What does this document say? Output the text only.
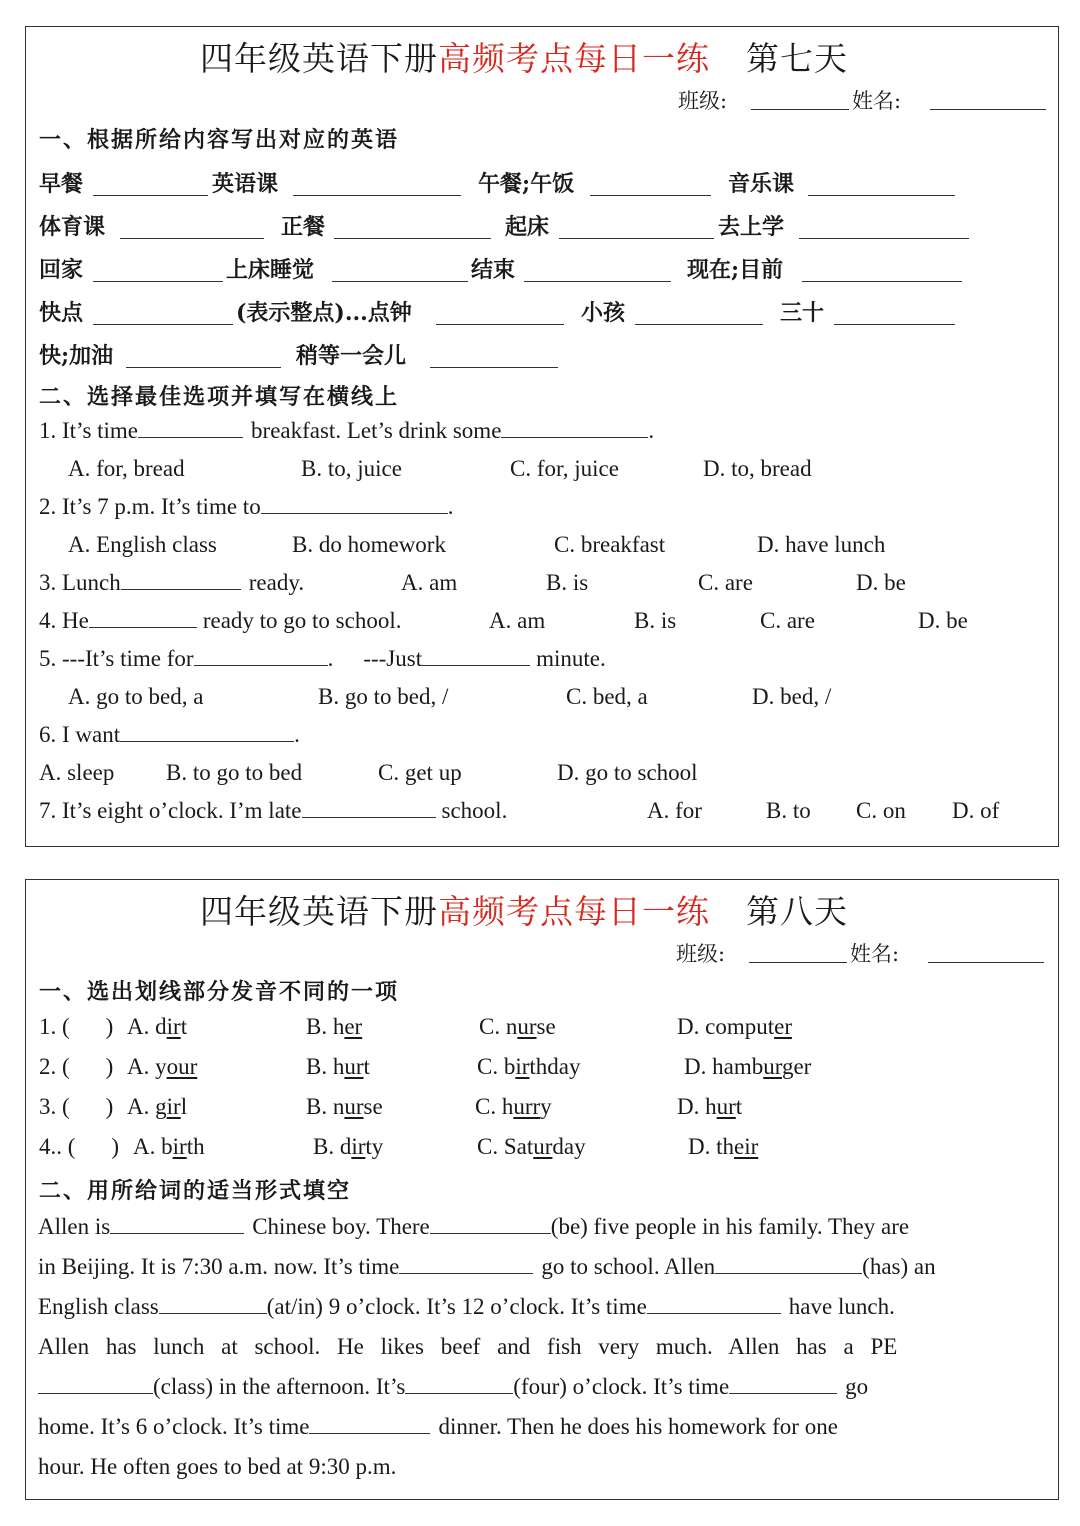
四年级英语下册高频考点每日一练 第七天
班级:	姓名:
一、根据所给内容写出对应的英语
早餐	英语课	午餐;午饭	音乐课
体育课	正餐	起床	去上学
回家	上床睡觉	结束	现在;目前
快点	(表示整点)...点钟	小孩	三十
快;加油	稍等一会儿
二、选择最佳选项并填写在横线上
1. It’s time	breakfast. Let’s drink some	.
A. for, bread	B. to, juice	C. for, juice	D. to, bread
2. It’s 7 p.m. It’s time to	.
A. English class	B. do homework	C. breakfast	D. have lunch
3. Lunch	ready.	A. am	B. is	C. are	D. be
4. He	ready to go to school.	A. am	B. is	C. are	D. be
5. ---It’s time for	. ---Just	minute.
A. go to bed, a	B. go to bed, /	C. bed, a	D. bed, /
6. I want	.
A. sleep B. to go to bed	C. get up	D. go to school
7. It’s eight o’clock. I’m late	school.	A. for	B. to C. on D. of
四年级英语下册高频考点每日一练 第八天
班级:	姓名:
一、选出划线部分发音不同的一项
1. ( ) A. dirt	B. her	C. nurse	D. computer
2. ( ) A. your	B. hurt	C. birthday	D. hamburger
3. ( ) A. girl	B. nurse	C. hurry	D. hurt
4.. ( ) A. birth	B. dirty	C. Saturday	D. their
二、用所给词的适当形式填空
Allen is	Chinese boy. There	(be) five people in his family. They are
in Beijing. It is 7:30 a.m. now. It’s time	go to school. Allen	(has) an
English class	(at/in) 9 o’clock. It’s 12 o’clock. It’s time	have lunch.
Allen has lunch at school. He likes beef and fish very much. Allen has a PE
(class) in the afternoon. It’s	(four) o’clock. It’s time	go
home. It’s 6 o’clock. It’s time	dinner. Then he does his homework for one
hour. He often goes to bed at 9:30 p.m.
